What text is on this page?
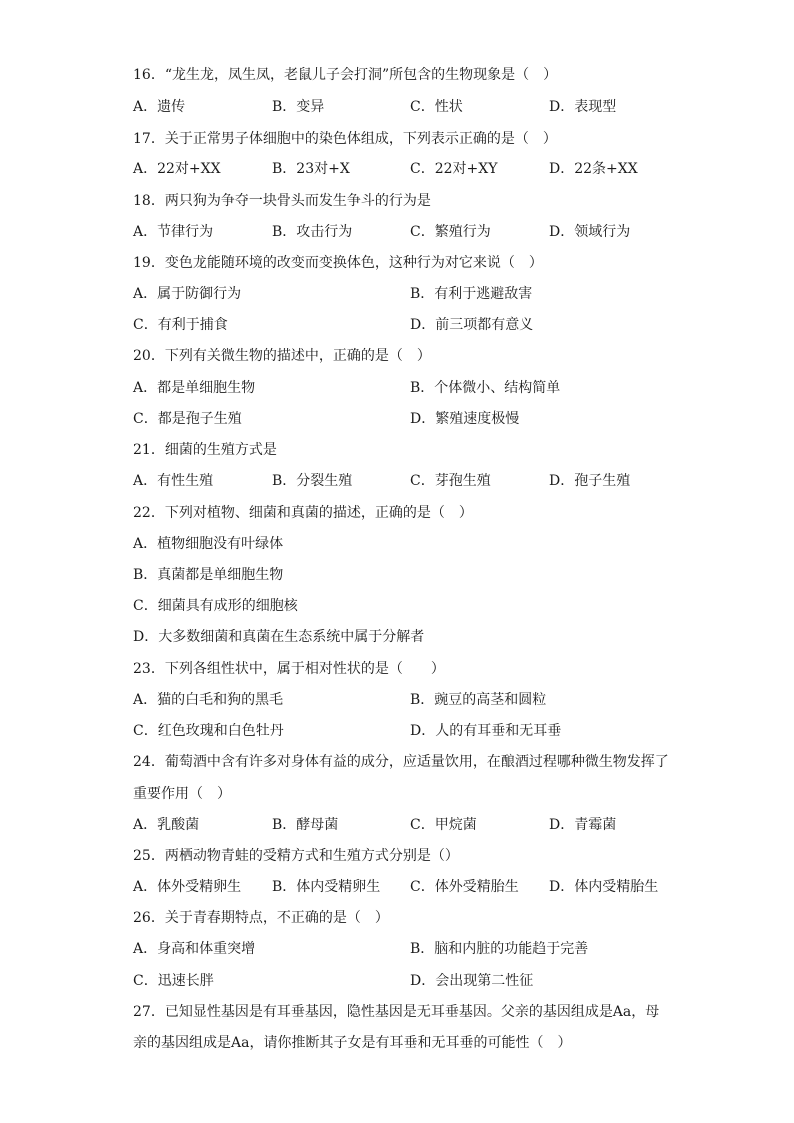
16．“龙生龙，凤生凤，老鼠儿子会打洞”所包含的生物现象是（　）
A．遗传	B．变异	C．性状	D．表现型
17．关于正常男子体细胞中的染色体组成，下列表示正确的是（　）
A．22对+XX	B．23对+X	C．22对+XY	D．22条+XX
18．两只狗为争夺一块骨头而发生争斗的行为是
A．节律行为	B．攻击行为	C．繁殖行为	D．领域行为
19．变色龙能随环境的改变而变换体色，这种行为对它来说（　）
A．属于防御行为	B．有利于逃避敌害
C．有利于捕食	D．前三项都有意义
20．下列有关微生物的描述中，正确的是（　）
A．都是单细胞生物	B．个体微小、结构简单
C．都是孢子生殖	D．繁殖速度极慢
21．细菌的生殖方式是
A．有性生殖	B．分裂生殖	C．芽孢生殖	D．孢子生殖
22．下列对植物、细菌和真菌的描述，正确的是（　）
A．植物细胞没有叶绿体
B．真菌都是单细胞生物
C．细菌具有成形的细胞核
D．大多数细菌和真菌在生态系统中属于分解者
23．下列各组性状中，属于相对性状的是（　　）
A．猫的白毛和狗的黑毛	B．豌豆的高茎和圆粒
C．红色玫瑰和白色牡丹	D．人的有耳垂和无耳垂
24．葡萄酒中含有许多对身体有益的成分，应适量饮用，在酿酒过程哪种微生物发挥了
重要作用（　）
A．乳酸菌	B．酵母菌	C．甲烷菌	D．青霉菌
25．两栖动物青蛙的受精方式和生殖方式分别是（）
A．体外受精卵生 B．体内受精卵生 C．体外受精胎生 D．体内受精胎生
26．关于青春期特点，不正确的是（　）
A．身高和体重突增	B．脑和内脏的功能趋于完善
C．迅速长胖	D．会出现第二性征
27．已知显性基因是有耳垂基因，隐性基因是无耳垂基因。父亲的基因组成是Aa，母
亲的基因组成是Aa，请你推断其子女是有耳垂和无耳垂的可能性（　）
